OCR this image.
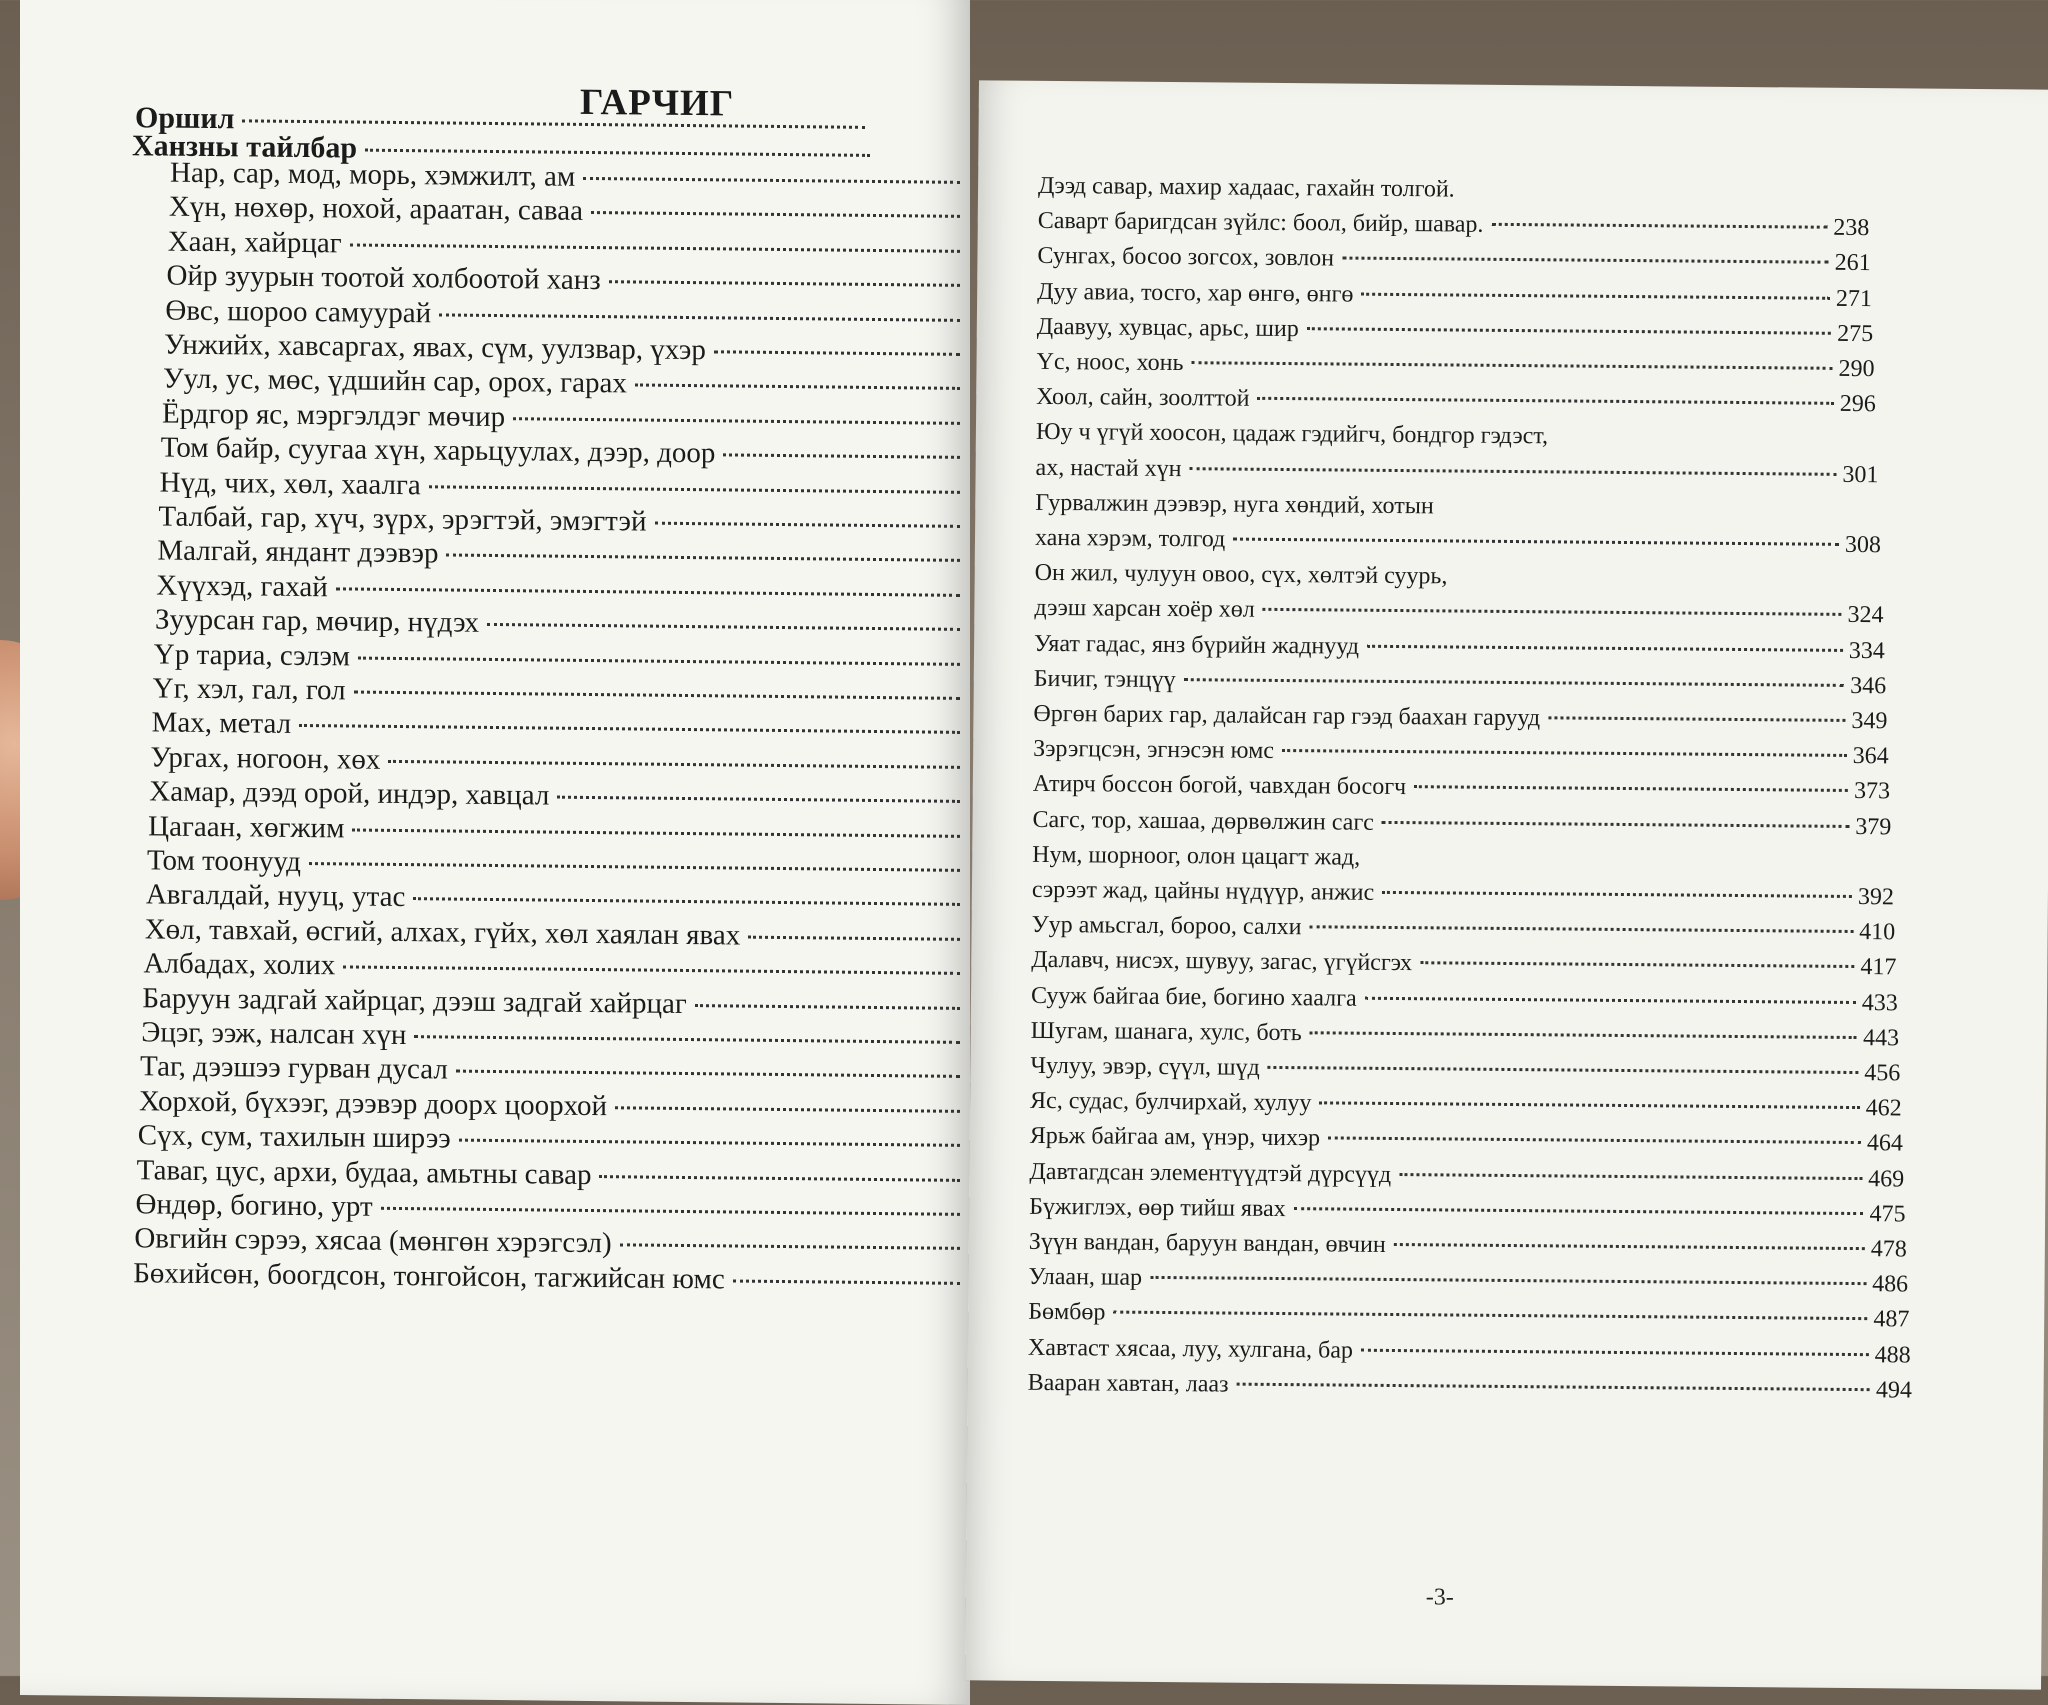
ГАРЧИГ
Оршил
Ханзны тайлбар
Нар, сар, мод, морь, хэмжилт, ам
Хүн, нөхөр, нохой, араатан, саваа
Хаан, хайрцаг
Ойр зуурын тоотой холбоотой ханз
Өвс, шороо самуурай
Унжийх, хавсаргах, явах, сүм, уулзвар, үхэр
Уул, ус, мөс, үдшийн сар, орох, гарах
Ёрдгор яс, мэргэлдэг мөчир
Том байр, суугаа хүн, харьцуулах, дээр, доор
Нүд, чих, хөл, хаалга
Талбай, гар, хүч, зүрх, эрэгтэй, эмэгтэй
Малгай, яндант дээвэр
Хүүхэд, гахай
Зуурсан гар, мөчир, нүдэх
Үр тариа, сэлэм
Үг, хэл, гал, гол
Мах, метал
Ургах, ногоон, хөх
Хамар, дээд орой, индэр, хавцал
Цагаан, хөгжим
Том тоонууд
Авгалдай, нууц, утас
Хөл, тавхай, өсгий, алхах, гүйх, хөл хаялан явах
Албадах, холих
Баруун задгай хайрцаг, дээш задгай хайрцаг
Эцэг, ээж, налсан хүн
Таг, дээшээ гурван дусал
Хорхой, бүхээг, дээвэр доорх цоорхой
Сүх, сум, тахилын ширээ
Таваг, цус, архи, будаа, амьтны савар
Өндөр, богино, урт
Овгийн сэрээ, хясаа (мөнгөн хэрэгсэл)
Бөхийсөн, боогдсон, тонгойсон, тагжийсан юмс
Дээд савар, махир хадаас, гахайн толгой.
Саварт баригдсан зүйлс: боол, бийр, шавар.	238
Сунгах, босоо зогсох, зовлон	261
Дуу авиа, тосго, хар өнгө, өнгө	271
Даавуу, хувцас, арьс, шир	275
Үс, ноос, хонь	290
Хоол, сайн, зоолттой	296
Юу ч үгүй хоосон, цадаж гэдийгч, бондгор гэдэст,
ах, настай хүн	301
Гурвалжин дээвэр, нуга хөндий, хотын
хана хэрэм, толгод	308
Он жил, чулуун овоо, сүх, хөлтэй суурь,
дээш харсан хоёр хөл	324
Уяат гадас, янз бүрийн жаднууд	334
Бичиг, тэнцүү	346
Өргөн барих гар, далайсан гар гээд баахан гарууд	349
Зэрэгцсэн, эгнэсэн юмс	364
Атирч боссон богой, чавхдан босогч	373
Сагс, тор, хашаа, дөрвөлжин сагс	379
Нум, шорноог, олон цацагт жад,
сэрээт жад, цайны нүдүүр, анжис	392
Уур амьсгал, бороо, салхи	410
Далавч, нисэх, шувуу, загас, үгүйсгэх	417
Сууж байгаа бие, богино хаалга	433
Шугам, шанага, хулс, боть	443
Чулуу, эвэр, сүүл, шүд	456
Яс, судас, булчирхай, хулуу	462
Ярьж байгаа ам, үнэр, чихэр	464
Давтагдсан элементүүдтэй дүрсүүд	469
Бүжиглэх, өөр тийш явах	475
Зүүн вандан, баруун вандан, өвчин	478
Улаан, шар	486
Бөмбөр	487
Хавтаст хясаа, луу, хулгана, бар	488
Вааран хавтан, лааз	494
-3-
